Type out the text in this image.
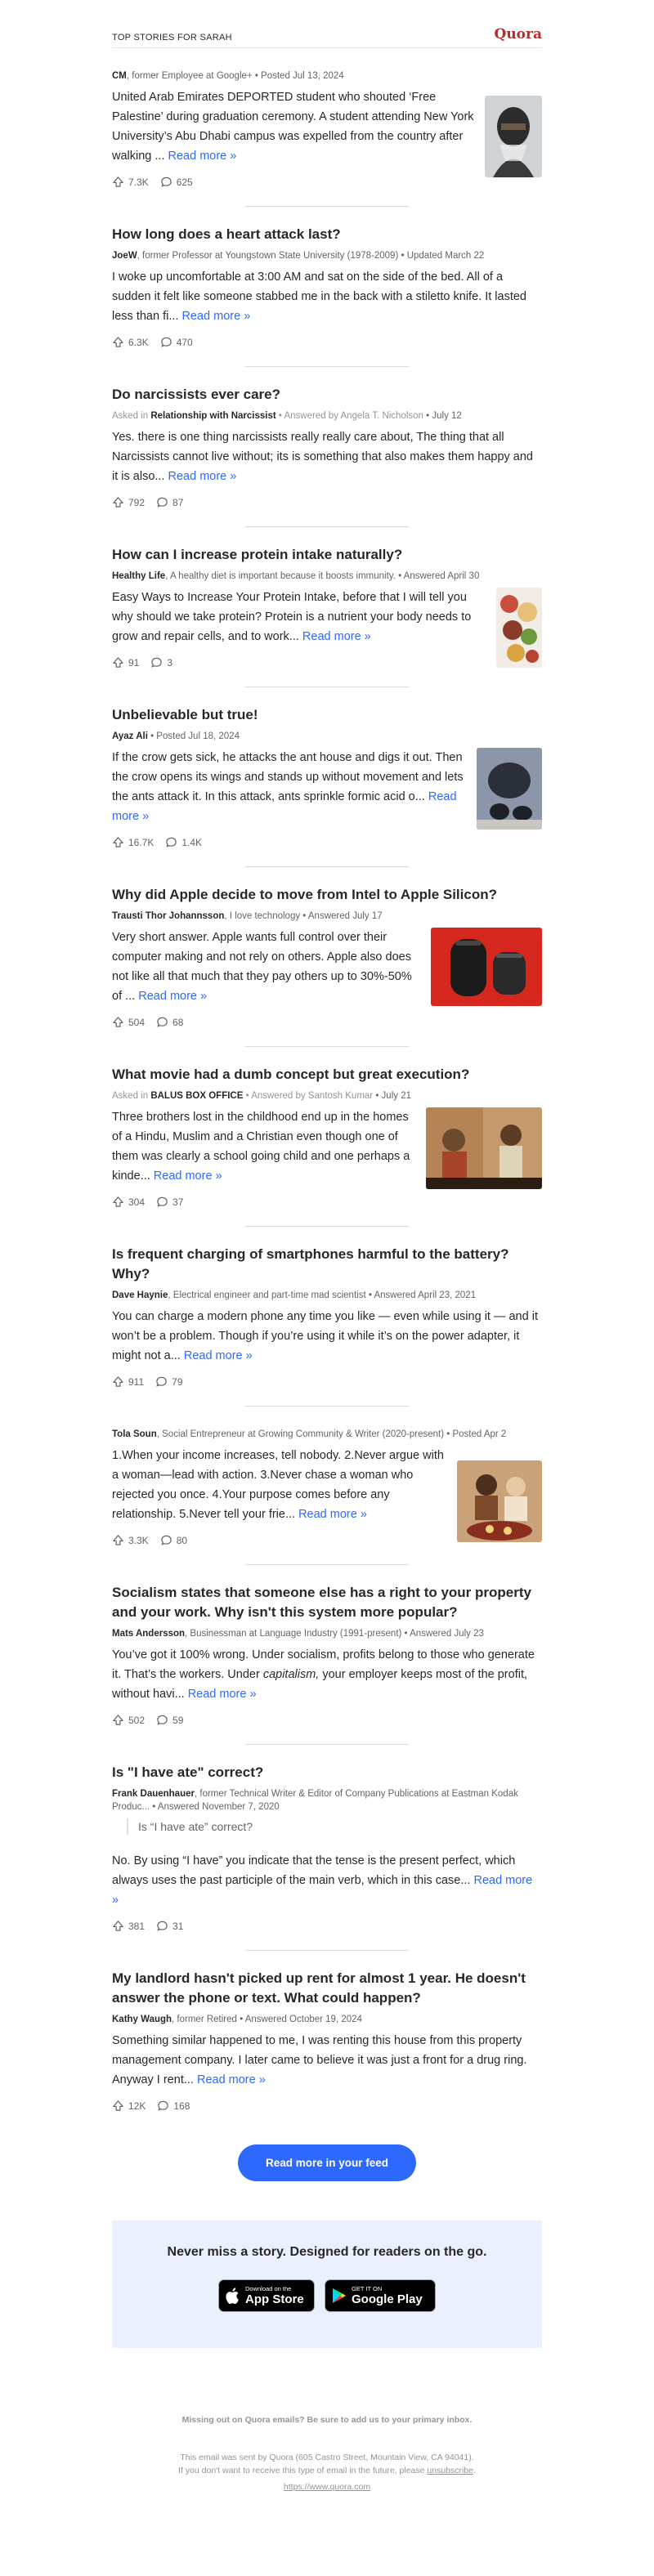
TOP STORIES FOR SARAH	Quora
CM, former Employee at Google+ • Posted Jul 13, 2024
United Arab Emirates DEPORTED student who shouted ‘Free Palestine’ during graduation ceremony. A student attending New York University’s Abu Dhabi campus was expelled from the country after walking ... Read more »
7.3K	625
How long does a heart attack last?
JoeW, former Professor at Youngstown State University (1978-2009) • Updated March 22
I woke up uncomfortable at 3:00 AM and sat on the side of the bed. All of a sudden it felt like someone stabbed me in the back with a stiletto knife. It lasted less than fi... Read more »
6.3K	470
Do narcissists ever care?
Asked in Relationship with Narcissist • Answered by Angela T. Nicholson • July 12
Yes. there is one thing narcissists really really care about, The thing that all Narcissists cannot live without; its is something that also makes them happy and it is also... Read more »
792	87
How can I increase protein intake naturally?
Healthy Life, A healthy diet is important because it boosts immunity. • Answered April 30
Easy Ways to Increase Your Protein Intake, before that I will tell you why should we take protein? Protein is a nutrient your body needs to grow and repair cells, and to work... Read more »
91	3
Unbelievable but true!
Ayaz Ali • Posted Jul 18, 2024
If the crow gets sick, he attacks the ant house and digs it out. Then the crow opens its wings and stands up without movement and lets the ants attack it. In this attack, ants sprinkle formic acid o... Read more »
16.7K	1.4K
Why did Apple decide to move from Intel to Apple Silicon?
Trausti Thor Johannsson, I love technology • Answered July 17
Very short answer. Apple wants full control over their computer making and not rely on others. Apple also does not like all that much that they pay others up to 30%-50% of ... Read more »
504	68
What movie had a dumb concept but great execution?
Asked in BALUS BOX OFFICE • Answered by Santosh Kumar • July 21
Three brothers lost in the childhood end up in the homes of a Hindu, Muslim and a Christian even though one of them was clearly a school going child and one perhaps a kinde... Read more »
304	37
Is frequent charging of smartphones harmful to the battery? Why?
Dave Haynie, Electrical engineer and part-time mad scientist • Answered April 23, 2021
You can charge a modern phone any time you like — even while using it — and it won’t be a problem. Though if you’re using it while it’s on the power adapter, it might not a... Read more »
911	79
Tola Soun, Social Entrepreneur at Growing Community & Writer (2020-present) • Posted Apr 2
1.When your income increases, tell nobody. 2.Never argue with a woman—lead with action. 3.Never chase a woman who rejected you once. 4.Your purpose comes before any relationship. 5.Never tell your frie... Read more »
3.3K	80
Socialism states that someone else has a right to your property and your work. Why isn't this system more popular?
Mats Andersson, Businessman at Language Industry (1991-present) • Answered July 23
You’ve got it 100% wrong. Under socialism, profits belong to those who generate it. That’s the workers. Under capitalism, your employer keeps most of the profit, without havi... Read more »
502	59
Is "I have ate" correct?
Frank Dauenhauer, former Technical Writer & Editor of Company Publications at Eastman Kodak Produc... • Answered November 7, 2020
Is “I have ate” correct?
No. By using “I have” you indicate that the tense is the present perfect, which always uses the past participle of the main verb, which in this case... Read more »
381	31
My landlord hasn't picked up rent for almost 1 year. He doesn't answer the phone or text. What could happen?
Kathy Waugh, former Retired • Answered October 19, 2024
Something similar happened to me, I was renting this house from this property management company. I later came to believe it was just a front for a drug ring. Anyway I rent... Read more »
12K	168
Read more in your feed
Never miss a story. Designed for readers on the go.
Download on the
App Store
GET IT ON
Google Play
Missing out on Quora emails? Be sure to add us to your primary inbox.
This email was sent by Quora (605 Castro Street, Mountain View, CA 94041).
If you don't want to receive this type of email in the future, please unsubscribe.
https://www.quora.com
